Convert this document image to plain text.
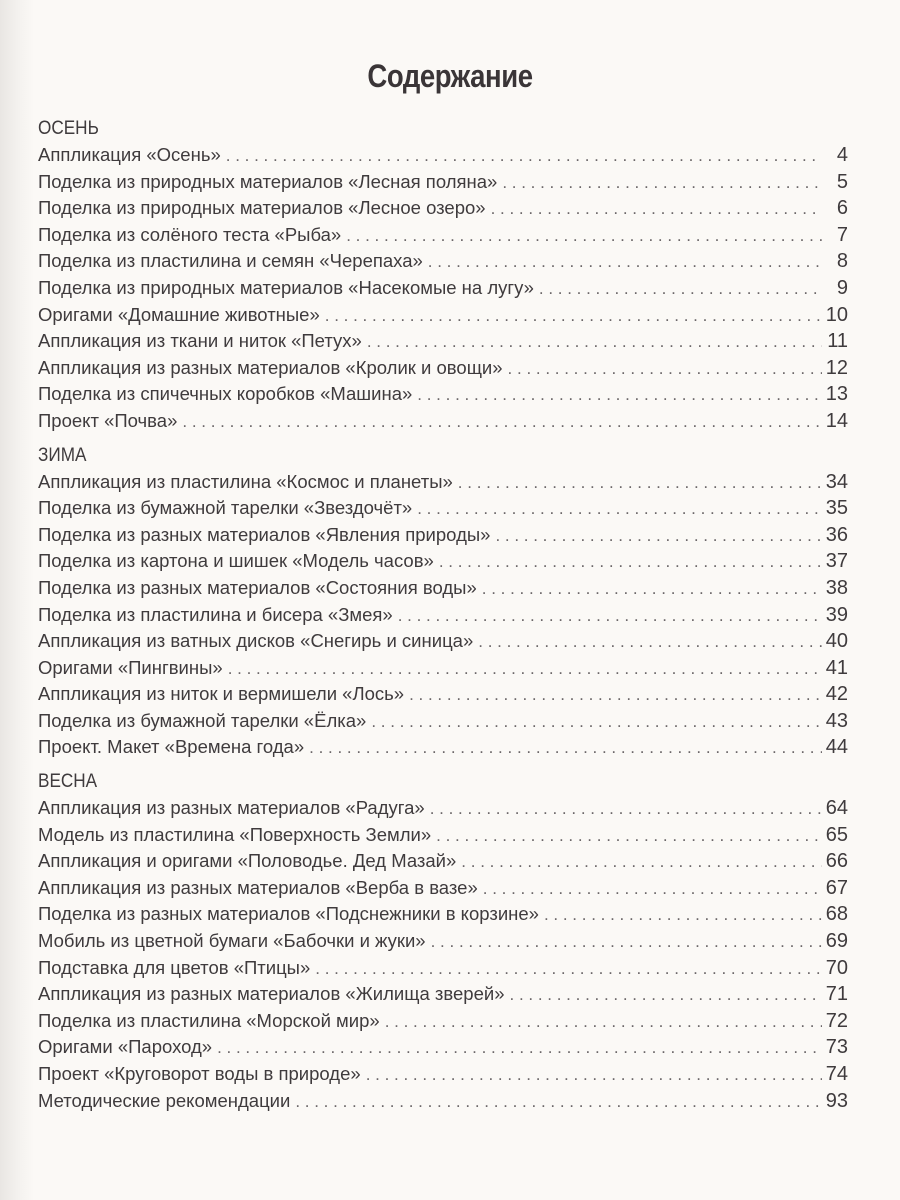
Содержание
ОСЕНЬ
Аппликация «Осень» . . .	4
Поделка из природных материалов «Лесная поляна» . . .	5
Поделка из природных материалов «Лесное озеро» . . .	6
Поделка из солёного теста «Рыба» . . .	7
Поделка из пластилина и семян «Черепаха» . . .	8
Поделка из природных материалов «Насекомые на лугу» . . .	9
Оригами «Домашние животные» . . .	10
Аппликация из ткани и ниток «Петух» . . .	11
Аппликация из разных материалов «Кролик и овощи» . . .	12
Поделка из спичечных коробков «Машина» . . .	13
Проект «Почва» . . .	14
ЗИМА
Аппликация из пластилина «Космос и планеты» . . .	34
Поделка из бумажной тарелки «Звездочёт» . . .	35
Поделка из разных материалов «Явления природы» . . .	36
Поделка из картона и шишек «Модель часов» . . .	37
Поделка из разных материалов «Состояния воды» . . .	38
Поделка из пластилина и бисера «Змея» . . .	39
Аппликация из ватных дисков «Снегирь и синица» . . .	40
Оригами «Пингвины» . . .	41
Аппликация из ниток и вермишели «Лось» . . .	42
Поделка из бумажной тарелки «Ёлка» . . .	43
Проект. Макет «Времена года» . . .	44
ВЕСНА
Аппликация из разных материалов «Радуга» . . .	64
Модель из пластилина «Поверхность Земли» . . .	65
Аппликация и оригами «Половодье. Дед Мазай» . . .	66
Аппликация из разных материалов «Верба в вазе» . . .	67
Поделка из разных материалов «Подснежники в корзине» . . .	68
Мобиль из цветной бумаги «Бабочки и жуки» . . .	69
Подставка для цветов «Птицы» . . .	70
Аппликация из разных материалов «Жилища зверей» . . .	71
Поделка из пластилина «Морской мир» . . .	72
Оригами «Пароход» . . .	73
Проект «Круговорот воды в природе» . . .	74
Методические рекомендации . . .	93
